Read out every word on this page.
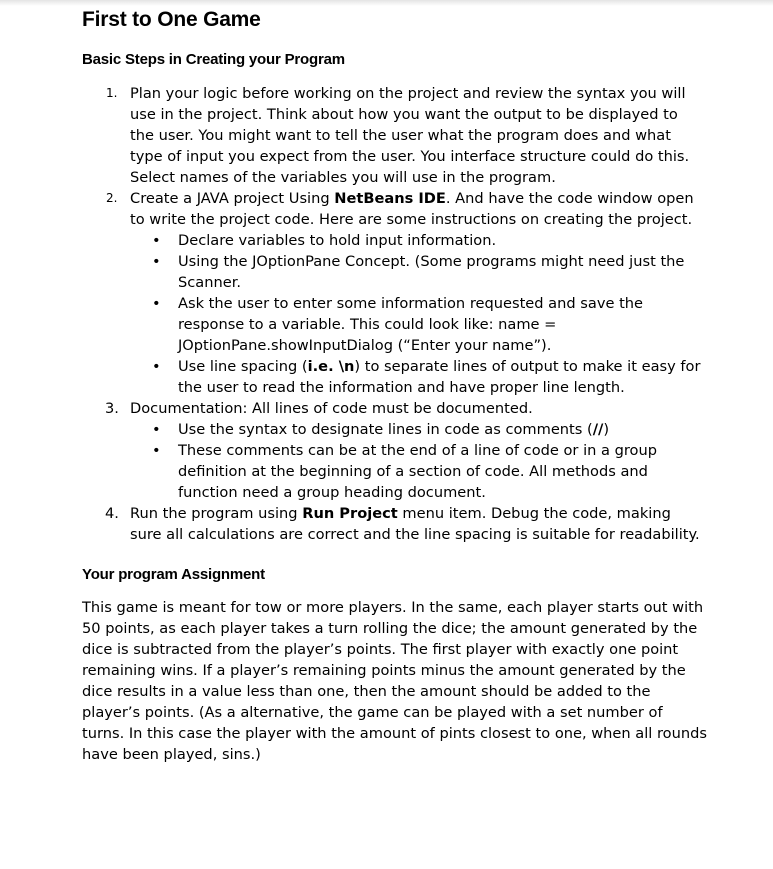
First to One Game
Basic Steps in Creating your Program
1. Plan your logic before working on the project and review the syntax you will use in the project. Think about how you want the output to be displayed to the user. You might want to tell the user what the program does and what type of input you expect from the user. You interface structure could do this. Select names of the variables you will use in the program.
2. Create a JAVA project Using NetBeans IDE. And have the code window open to write the project code. Here are some instructions on creating the project.
• Declare variables to hold input information.
• Using the JOptionPane Concept. (Some programs might need just the Scanner.
• Ask the user to enter some information requested and save the response to a variable. This could look like: name = JOptionPane.showInputDialog (“Enter your name”).
• Use line spacing (i.e. \n) to separate lines of output to make it easy for the user to read the information and have proper line length.
3. Documentation: All lines of code must be documented.
• Use the syntax to designate lines in code as comments (//)
• These comments can be at the end of a line of code or in a group definition at the beginning of a section of code. All methods and function need a group heading document.
4. Run the program using Run Project menu item. Debug the code, making sure all calculations are correct and the line spacing is suitable for readability.
Your program Assignment

This game is meant for tow or more players. In the same, each player starts out with 50 points, as each player takes a turn rolling the dice; the amount generated by the dice is subtracted from the player’s points. The first player with exactly one point remaining wins. If a player’s remaining points minus the amount generated by the dice results in a value less than one, then the amount should be added to the player’s points. (As a alternative, the game can be played with a set number of turns. In this case the player with the amount of pints closest to one, when all rounds have been played, sins.)
